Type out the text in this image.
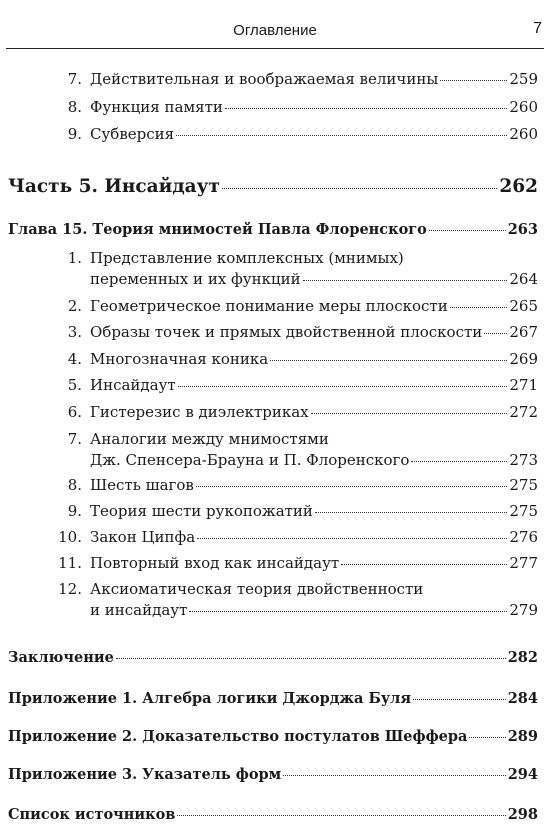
Оглавление	7
7. Действительная и воображаемая величины	259
8. Функция памяти	260
9. Субверсия	260
Часть 5. Инсайдаут	262
Глава 15. Теория мнимостей Павла Флоренского	263
1. Представление комплексных (мнимых)
переменных и их функций	264
2. Геометрическое понимание меры плоскости	265
3. Образы точек и прямых двойственной плоскости 267
4. Многозначная коника	269
5. Инсайдаут	271
6. Гистерезис в диэлектриках	272
7. Аналогии между мнимостями
Дж. Спенсера-Брауна и П. Флоренского	273
8. Шесть шагов	275
9. Теория шести рукопожатий	275
10. Закон Ципфа	276
11. Повторный вход как инсайдаут	277
12. Аксиоматическая теория двойственности
и инсайдаут	279
Заключение	282
Приложение 1. Алгебра логики Джорджа Буля	284
Приложение 2. Доказательство постулатов Шеффера	289
Приложение 3. Указатель форм	294
Список источников	298
